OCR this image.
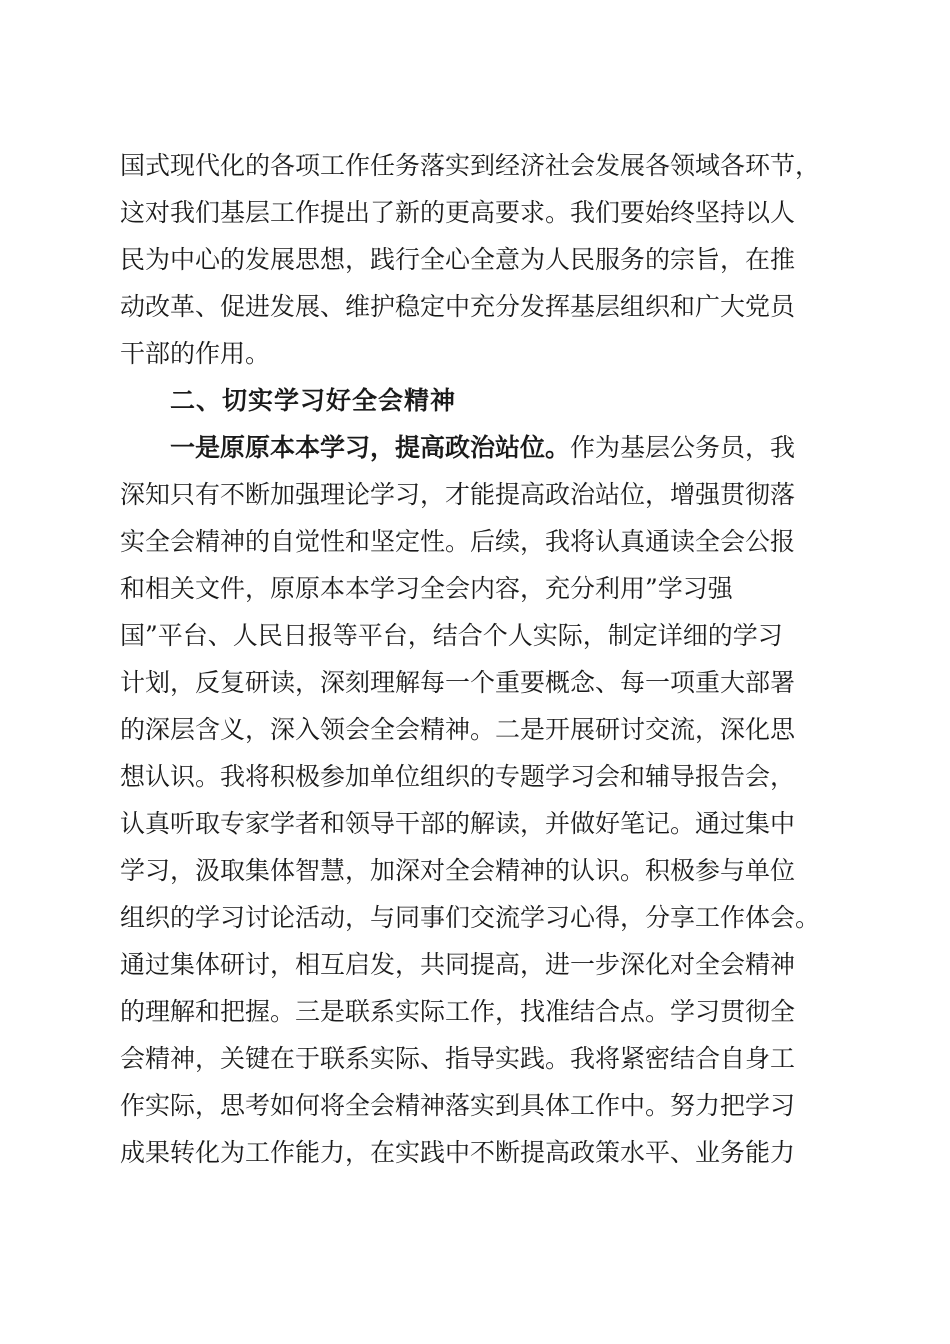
国式现代化的各项工作任务落实到经济社会发展各领域各环节，
这对我们基层工作提出了新的更高要求。我们要始终坚持以人
民为中心的发展思想，践行全心全意为人民服务的宗旨，在推
动改革、促进发展、维护稳定中充分发挥基层组织和广大党员
干部的作用。
二、切实学习好全会精神
一是原原本本学习，提高政治站位。作为基层公务员，我
深知只有不断加强理论学习，才能提高政治站位，增强贯彻落
实全会精神的自觉性和坚定性。后续，我将认真通读全会公报
和相关文件，原原本本学习全会内容，充分利用”学习强
国”平台、人民日报等平台，结合个人实际，制定详细的学习
计划，反复研读，深刻理解每一个重要概念、每一项重大部署
的深层含义，深入领会全会精神。二是开展研讨交流，深化思
想认识。我将积极参加单位组织的专题学习会和辅导报告会，
认真听取专家学者和领导干部的解读，并做好笔记。通过集中
学习，汲取集体智慧，加深对全会精神的认识。积极参与单位
组织的学习讨论活动，与同事们交流学习心得，分享工作体会。
通过集体研讨，相互启发，共同提高，进一步深化对全会精神
的理解和把握。三是联系实际工作，找准结合点。学习贯彻全
会精神，关键在于联系实际、指导实践。我将紧密结合自身工
作实际，思考如何将全会精神落实到具体工作中。努力把学习
成果转化为工作能力，在实践中不断提高政策水平、业务能力
